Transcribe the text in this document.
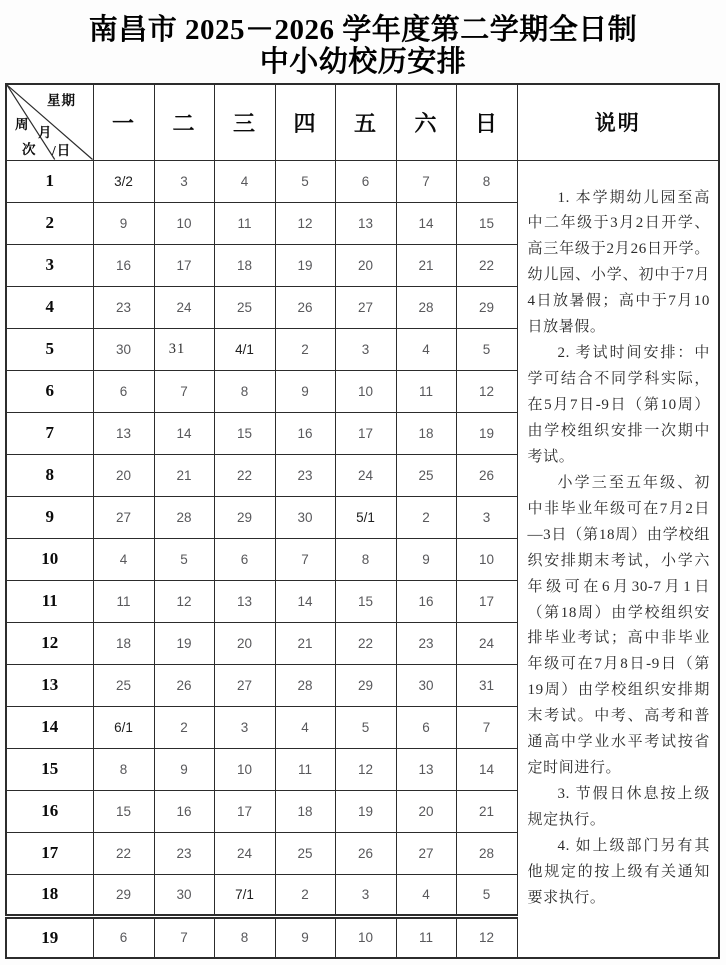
南昌市 2025－2026 学年度第二学期全日制
中小幼校历安排
星期
周
月
次 /日	一	二	三	四	五	六	日	说明
1	3/2	3	4	5	6	7	8	1. 本学期幼儿园至高中二年级于3月2日开学、高三年级于2月26日开学。幼儿园、小学、初中于7月4日放暑假；高中于7月10日放暑假。

2. 考试时间安排：中学可结合不同学科实际，在5月7日-9日（第10周）由学校组织安排一次期中考试。

小学三至五年级、初中非毕业年级可在7月2日—3日（第18周）由学校组织安排期末考试，小学六年级可在6月30-7月1日（第18周）由学校组织安排毕业考试；高中非毕业年级可在7月8日-9日（第19周）由学校组织安排期末考试。中考、高考和普通高中学业水平考试按省定时间进行。

3. 节假日休息按上级规定执行。

4. 如上级部门另有其他规定的按上级有关通知要求执行。

2	9	10	11	12	13	14	15	
3	16	17	18	19	20	21	22	
4	23	24	25	26	27	28	29	
5	30	31	4/1	2	3	4	5	
6	6	7	8	9	10	11	12	
7	13	14	15	16	17	18	19	
8	20	21	22	23	24	25	26	
9	27	28	29	30	5/1	2	3	
10	4	5	6	7	8	9	10	
11	11	12	13	14	15	16	17	
12	18	19	20	21	22	23	24	
13	25	26	27	28	29	30	31	
14	6/1	2	3	4	5	6	7	
15	8	9	10	11	12	13	14	
16	15	16	17	18	19	20	21	
17	22	23	24	25	26	27	28	
18	29	30	7/1	2	3	4	5	
19	6	7	8	9	10	11	12	
